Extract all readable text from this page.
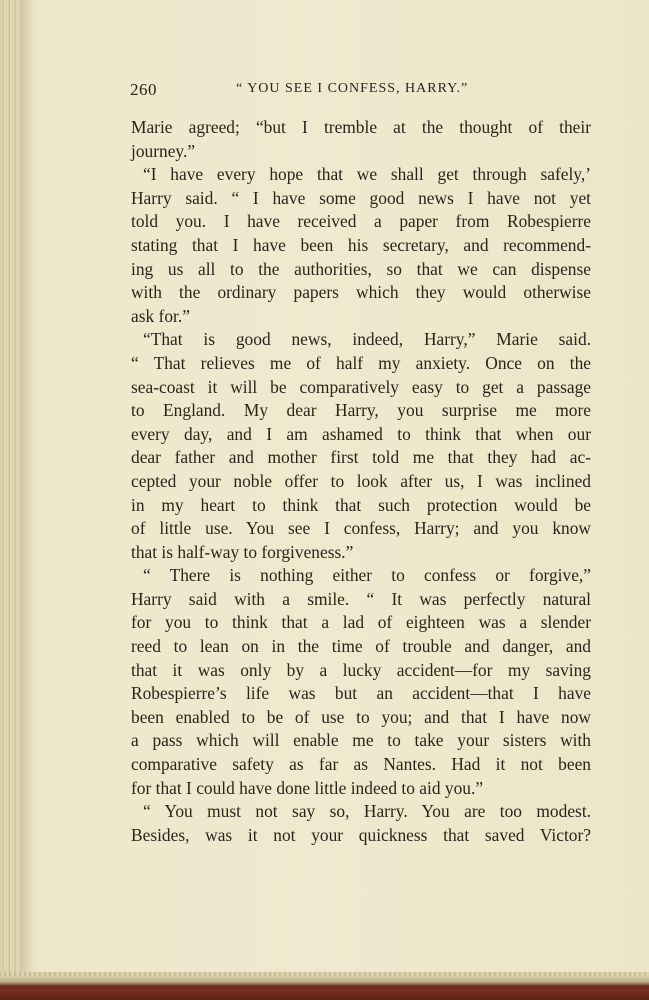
260	“ YOU SEE I CONFESS, HARRY.”
Marie agreed; “but I tremble at the thought of their
journey.”
“I have every hope that we shall get through safely,’
Harry said. “ I have some good news I have not yet
told you. I have received a paper from Robespierre
stating that I have been his secretary, and recommend-
ing us all to the authorities, so that we can dispense
with the ordinary papers which they would otherwise
ask for.”
“That is good news, indeed, Harry,” Marie said.
“ That relieves me of half my anxiety. Once on the
sea-coast it will be comparatively easy to get a passage
to England. My dear Harry, you surprise me more
every day, and I am ashamed to think that when our
dear father and mother first told me that they had ac-
cepted your noble offer to look after us, I was inclined
in my heart to think that such protection would be
of little use. You see I confess, Harry; and you know
that is half-way to forgiveness.”
“ There is nothing either to confess or forgive,”
Harry said with a smile. “ It was perfectly natural
for you to think that a lad of eighteen was a slender
reed to lean on in the time of trouble and danger, and
that it was only by a lucky accident—for my saving
Robespierre’s life was but an accident—that I have
been enabled to be of use to you; and that I have now
a pass which will enable me to take your sisters with
comparative safety as far as Nantes. Had it not been
for that I could have done little indeed to aid you.”
“ You must not say so, Harry. You are too modest.
Besides, was it not your quickness that saved Victor?
